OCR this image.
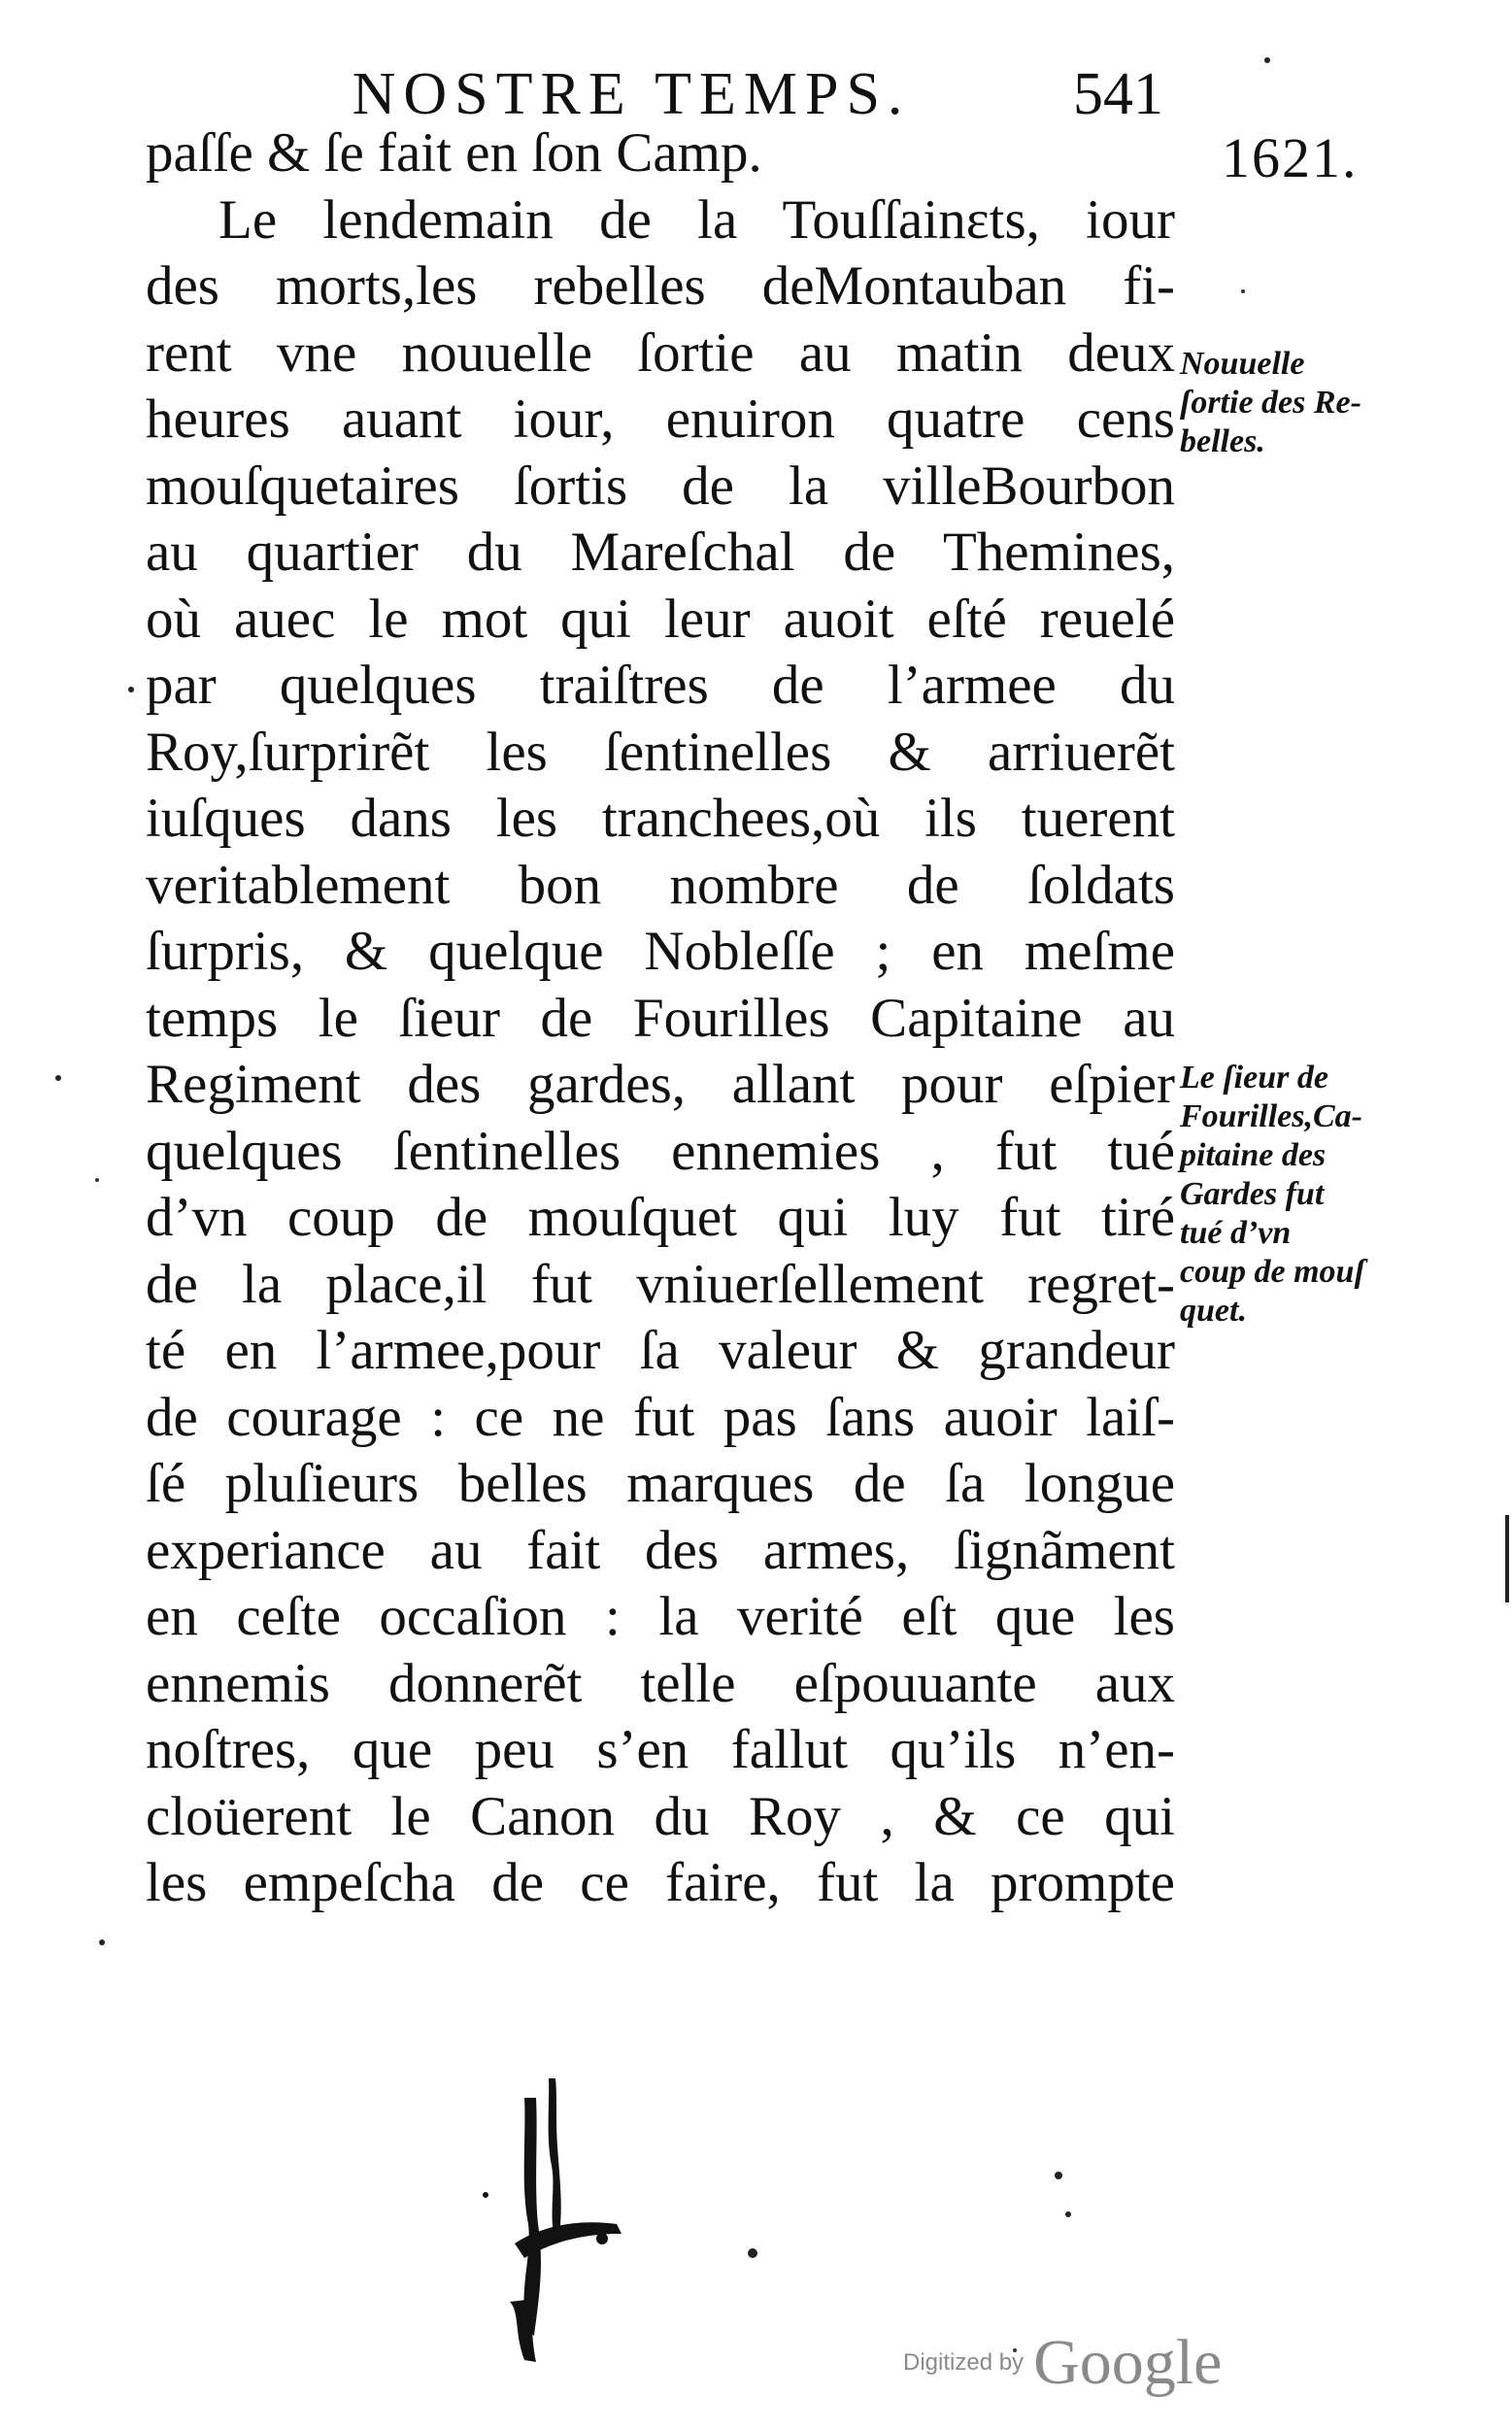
NOSTRE TEMPS.	541
1621.
paſſe & ſe fait en ſon Camp.
Le lendemain de la Touſſainɛts, iour
des morts,les rebelles deMontauban fi-
rent vne nouuelle ſortie au matin deux
heures auant iour, enuiron quatre cens
mouſquetaires ſortis de la villeBourbon
au quartier du Mareſchal de Themines,
où auec le mot qui leur auoit eſté reuelé
par quelques traiſtres de l’armee du
Roy,ſurprirẽt les ſentinelles & arriuerẽt
iuſques dans les tranchees,où ils tuerent
veritablement bon nombre de ſoldats
ſurpris, & quelque Nobleſſe ; en meſme
temps le ſieur de Fourilles Capitaine au
Regiment des gardes, allant pour eſpier
quelques ſentinelles ennemies , fut tué
d’vn coup de mouſquet qui luy fut tiré
de la place,il fut vniuerſellement regret-
té en l’armee,pour ſa valeur & grandeur
de courage : ce ne fut pas ſans auoir laiſ-
ſé pluſieurs belles marques de ſa longue
experiance au fait des armes, ſignãment
en ceſte occaſion : la verité eſt que les
ennemis donnerẽt telle eſpouuante aux
noſtres, que peu s’en fallut qu’ils n’en-
cloüerent le Canon du Roy , & ce qui
les empeſcha de ce faire, fut la prompte
Nouuelle
ſortie des Re-
belles.
Le ſieur de
Fourilles,Ca-
pitaine des
Gardes fut
tué d’vn
coup de mouſ
quet.
Digitized by Google
